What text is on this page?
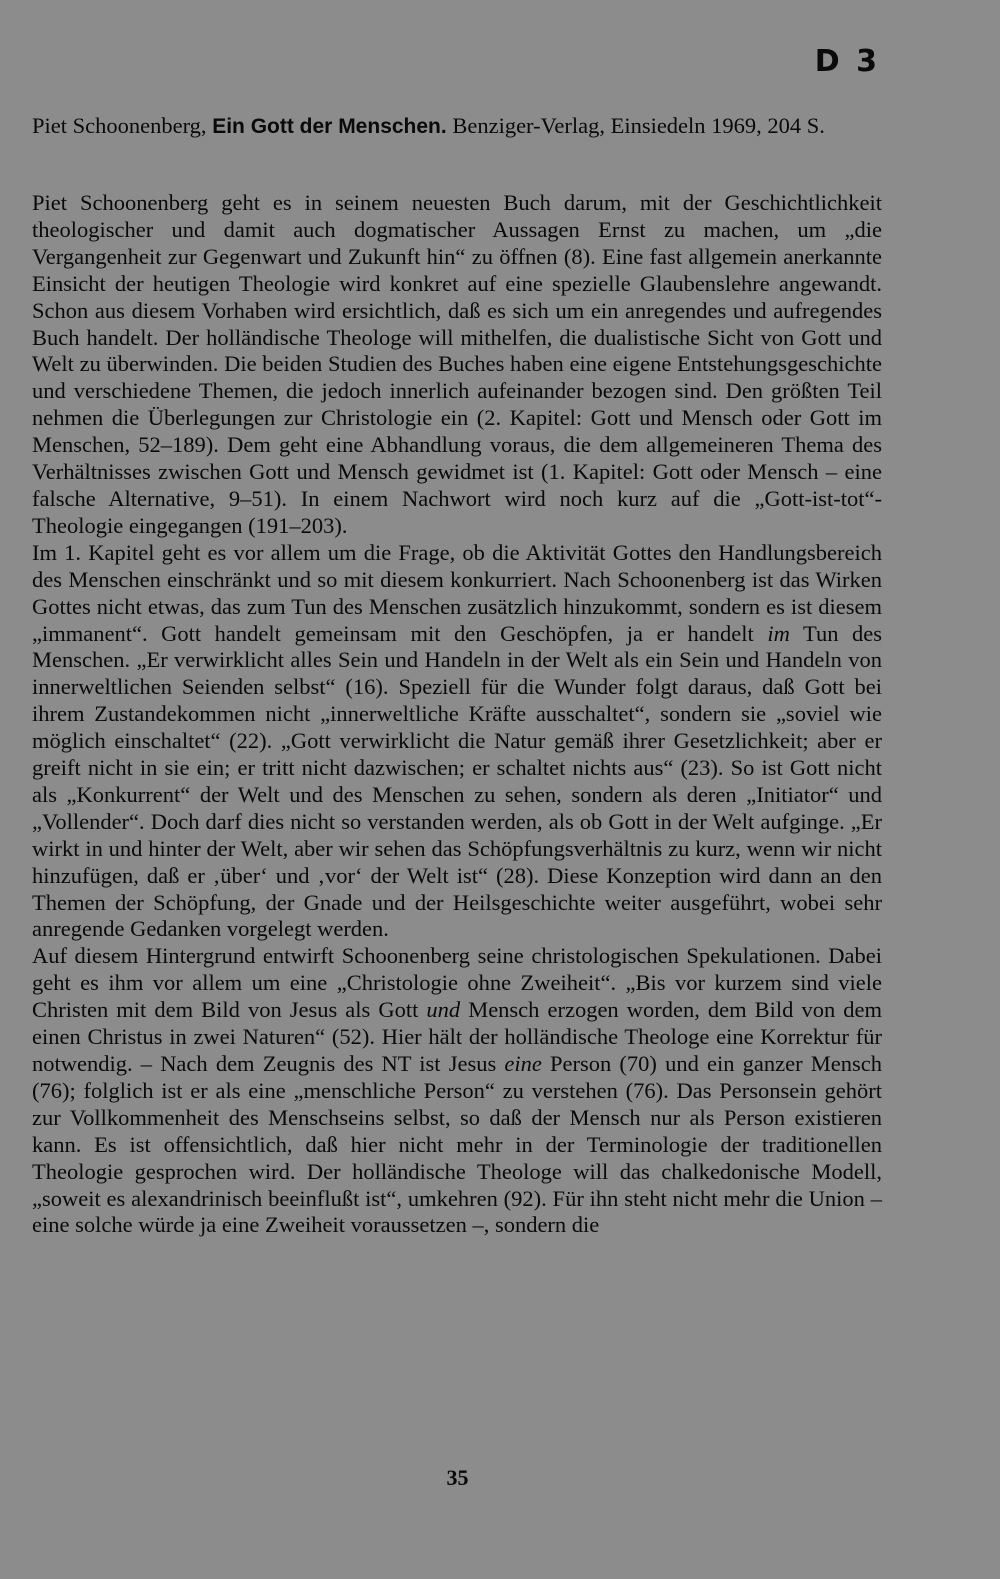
D 3
Piet Schoonenberg, Ein Gott der Menschen. Benziger-Verlag, Einsiedeln 1969, 204 S.

Piet Schoonenberg geht es in seinem neuesten Buch darum, mit der Geschichtlichkeit theologischer und damit auch dogmatischer Aussagen Ernst zu machen, um „die Vergangenheit zur Gegenwart und Zukunft hin“ zu öffnen (8). Eine fast allgemein anerkannte Einsicht der heutigen Theologie wird konkret auf eine spezielle Glaubenslehre angewandt. Schon aus diesem Vorhaben wird ersichtlich, daß es sich um ein anregendes und aufregendes Buch handelt. Der holländische Theologe will mithelfen, die dualistische Sicht von Gott und Welt zu überwinden. Die beiden Studien des Buches haben eine eigene Entstehungsgeschichte und verschiedene Themen, die jedoch innerlich aufeinander bezogen sind. Den größten Teil nehmen die Überlegungen zur Christologie ein (2. Kapitel: Gott und Mensch oder Gott im Menschen, 52–189). Dem geht eine Abhandlung voraus, die dem allgemeineren Thema des Verhältnisses zwischen Gott und Mensch gewidmet ist (1. Kapitel: Gott oder Mensch – eine falsche Alternative, 9–51). In einem Nachwort wird noch kurz auf die „Gott-ist-tot“-Theologie eingegangen (191–203).

Im 1. Kapitel geht es vor allem um die Frage, ob die Aktivität Gottes den Handlungsbereich des Menschen einschränkt und so mit diesem konkurriert. Nach Schoonenberg ist das Wirken Gottes nicht etwas, das zum Tun des Menschen zusätzlich hinzukommt, sondern es ist diesem „immanent“. Gott handelt gemeinsam mit den Geschöpfen, ja er handelt im Tun des Menschen. „Er verwirklicht alles Sein und Handeln in der Welt als ein Sein und Handeln von innerweltlichen Seienden selbst“ (16). Speziell für die Wunder folgt daraus, daß Gott bei ihrem Zustandekommen nicht „innerweltliche Kräfte ausschaltet“, sondern sie „soviel wie möglich einschaltet“ (22). „Gott verwirklicht die Natur gemäß ihrer Gesetzlichkeit; aber er greift nicht in sie ein; er tritt nicht dazwischen; er schaltet nichts aus“ (23). So ist Gott nicht als „Konkurrent“ der Welt und des Menschen zu sehen, sondern als deren „Initiator“ und „Vollender“. Doch darf dies nicht so verstanden werden, als ob Gott in der Welt aufginge. „Er wirkt in und hinter der Welt, aber wir sehen das Schöpfungsverhältnis zu kurz, wenn wir nicht hinzufügen, daß er ‚über‘ und ‚vor‘ der Welt ist“ (28). Diese Konzeption wird dann an den Themen der Schöpfung, der Gnade und der Heilsgeschichte weiter ausgeführt, wobei sehr anregende Gedanken vorgelegt werden.

Auf diesem Hintergrund entwirft Schoonenberg seine christologischen Spekulationen. Dabei geht es ihm vor allem um eine „Christologie ohne Zweiheit“. „Bis vor kurzem sind viele Christen mit dem Bild von Jesus als Gott und Mensch erzogen worden, dem Bild von dem einen Christus in zwei Naturen“ (52). Hier hält der holländische Theologe eine Korrektur für notwendig. – Nach dem Zeugnis des NT ist Jesus eine Person (70) und ein ganzer Mensch (76); folglich ist er als eine „menschliche Person“ zu verstehen (76). Das Personsein gehört zur Vollkommenheit des Menschseins selbst, so daß der Mensch nur als Person existieren kann. Es ist offensichtlich, daß hier nicht mehr in der Terminologie der traditionellen Theologie gesprochen wird. Der holländische Theologe will das chalkedonische Modell, „soweit es alexandrinisch beeinflußt ist“, umkehren (92). Für ihn steht nicht mehr die Union – eine solche würde ja eine Zweiheit voraussetzen –, sondern die

35
